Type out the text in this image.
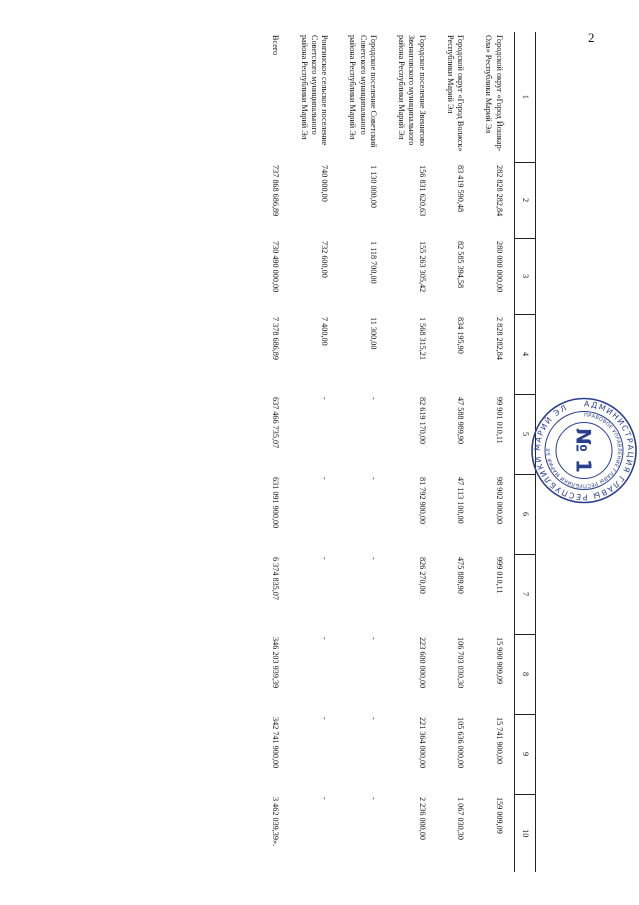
2
1	2	3	4	5	6	7	8	9	10
Городской округ «Город Йошкар-Ола» Республики Марий Эл	282 828 282,84	280 000 000,00	2 828 282,84	99 901 010,11	98 902 000,00	999 010,11	15 900 909,09	15 741 900,00	159 009,09
Городской округ «Город Волжск» Республики Марий Эл	83 419 590,48	82 585 394,58	834 195,90	47 588 989,90	47 113 100,00	475 889,90	106 703 030,30	105 636 000,00	1 067 030,30
Городское поселение Звенигово Звениговского муниципального района Республики Марий Эл	156 831 620,63	155 263 305,42	1 568 315,21	82 619 170,00	81 792 900,00	826 270,00	223 600 000,00	221 364 000,00	2 236 000,00
Городское поселение Советский Советского муниципального района Республики Марий Эл	1 130 000,00	1 118 700,00	11 300,00	-	-	-	-	-	-
Ронгинское сельское поселение Советского муниципального района Республики Марий Эл	740 000,00	732 600,00	7 400,00	-	-	-	-	-	-
Всего	737 868 686,89	730 490 000,00	7 378 686,89	637 466 735,07	631 091 900,00	6 374 835,07	346 203 939,39	342 741 900,00	3 462 039,39».
АДМИНИСТРАЦИЯ ГЛАВЫ РЕСПУБЛИКИ МАРИЙ ЭЛ
ПРАВОВОЕ УПРАВЛЕНИЕ ГЛАВЫ РЕСПУБЛИКИ МАРИЙ ЭЛ № 1
